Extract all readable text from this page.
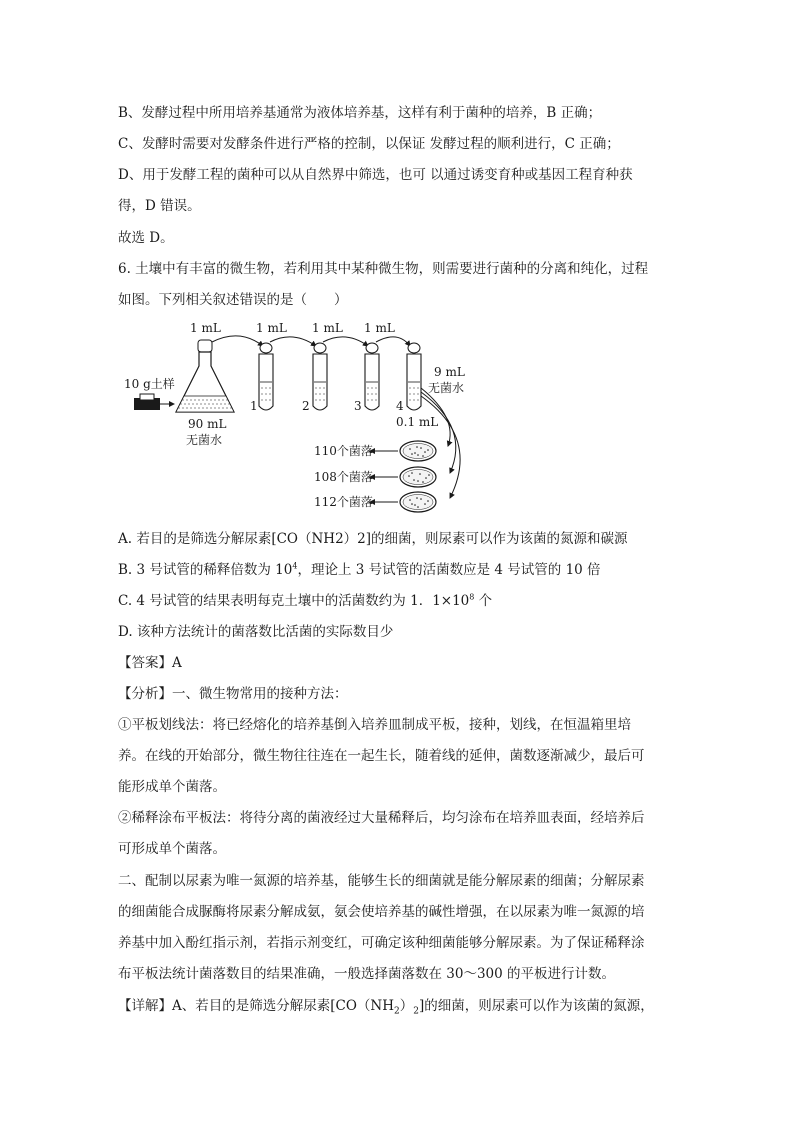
B、发酵过程中所用培养基通常为液体培养基，这样有利于菌种的培养，B 正确；
C、发酵时需要对发酵条件进行严格的控制，以保证 发酵过程的顺利进行，C 正确；
D、用于发酵工程的菌种可以从自然界中筛选，也可 以通过诱变育种或基因工程育种获
得，D 错误。
故选 D。
6. 土壤中有丰富的微生物，若利用其中某种微生物，则需要进行菌种的分离和纯化，过程
如图。下列相关叙述错误的是（　　）
1 mL	1 mL 1 mL 1 mL
10 g土样
90 mL
无菌水
1	2	3	4
9 mL
无菌水
0.1 mL
110个菌落
108个菌落
112个菌落
A. 若目的是筛选分解尿素[CO（NH2）2]的细菌，则尿素可以作为该菌的氮源和碳源
B. 3 号试管的稀释倍数为 $10^4$，理论上 3 号试管的活菌数应是 4 号试管的 10 倍
C. 4 号试管的结果表明每克土壤中的活菌数约为 1．$1\times 10^8$ 个
D. 该种方法统计的菌落数比活菌的实际数目少
【答案】A
【分析】一、微生物常用的接种方法：
①平板划线法：将已经熔化的培养基倒入培养皿制成平板，接种，划线，在恒温箱里培
养。在线的开始部分，微生物往往连在一起生长，随着线的延伸，菌数逐渐减少，最后可
能形成单个菌落。
②稀释涂布平板法：将待分离的菌液经过大量稀释后，均匀涂布在培养皿表面，经培养后
可形成单个菌落。
二、配制以尿素为唯一氮源的培养基，能够生长的细菌就是能分解尿素的细菌；分解尿素
的细菌能合成脲酶将尿素分解成氨，氨会使培养基的碱性增强，在以尿素为唯一氮源的培
养基中加入酚红指示剂，若指示剂变红，可确定该种细菌能够分解尿素。为了保证稀释涂
布平板法统计菌落数目的结果准确，一般选择菌落数在 30～300 的平板进行计数。
【详解】A、若目的是筛选分解尿素$[CO(NH_2)_2]$的细菌，则尿素可以作为该菌的氮源，
